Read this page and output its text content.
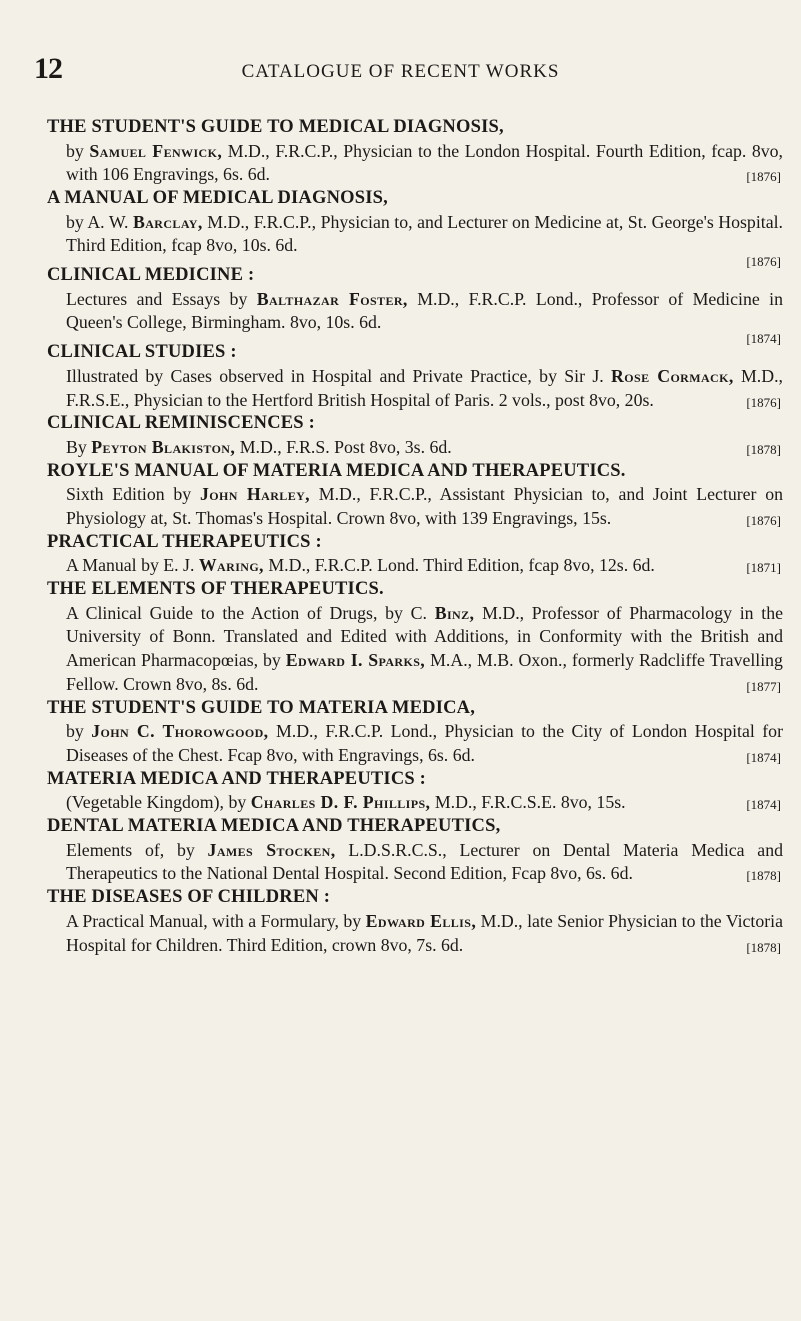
12	CATALOGUE OF RECENT WORKS
THE STUDENT'S GUIDE TO MEDICAL DIAGNOSIS,
by Samuel Fenwick, M.D., F.R.C.P., Physician to the London Hospital. Fourth Edition, fcap. 8vo, with 106 Engravings, 6s. 6d.	[1876]
A MANUAL OF MEDICAL DIAGNOSIS,
by A. W. Barclay, M.D., F.R.C.P., Physician to, and Lecturer on Medicine at, St. George's Hospital. Third Edition, fcap 8vo, 10s. 6d.
[1876]
CLINICAL MEDICINE :
Lectures and Essays by Balthazar Foster, M.D., F.R.C.P. Lond., Professor of Medicine in Queen's College, Birmingham. 8vo, 10s. 6d.
[1874]
CLINICAL STUDIES :
Illustrated by Cases observed in Hospital and Private Practice, by Sir J. Rose Cormack, M.D., F.R.S.E., Physician to the Hertford British Hospital of Paris. 2 vols., post 8vo, 20s.	[1876]
CLINICAL REMINISCENCES :
By Peyton Blakiston, M.D., F.R.S. Post 8vo, 3s. 6d.	[1878]
ROYLE'S MANUAL OF MATERIA MEDICA AND THERAPEUTICS.
Sixth Edition by John Harley, M.D., F.R.C.P., Assistant Physician to, and Joint Lecturer on Physiology at, St. Thomas's Hospital. Crown 8vo, with 139 Engravings, 15s.	[1876]
PRACTICAL THERAPEUTICS :
A Manual by E. J. Waring, M.D., F.R.C.P. Lond. Third Edition, fcap 8vo, 12s. 6d.	[1871]
THE ELEMENTS OF THERAPEUTICS.
A Clinical Guide to the Action of Drugs, by C. Binz, M.D., Professor of Pharmacology in the University of Bonn. Translated and Edited with Additions, in Conformity with the British and American Pharmacopœias, by Edward I. Sparks, M.A., M.B. Oxon., formerly Radcliffe Travelling Fellow. Crown 8vo, 8s. 6d.	[1877]
THE STUDENT'S GUIDE TO MATERIA MEDICA,
by John C. Thorowgood, M.D., F.R.C.P. Lond., Physician to the City of London Hospital for Diseases of the Chest. Fcap 8vo, with Engravings, 6s. 6d.	[1874]
MATERIA MEDICA AND THERAPEUTICS :
(Vegetable Kingdom), by Charles D. F. Phillips, M.D., F.R.C.S.E. 8vo, 15s.	[1874]
DENTAL MATERIA MEDICA AND THERAPEUTICS,
Elements of, by James Stocken, L.D.S.R.C.S., Lecturer on Dental Materia Medica and Therapeutics to the National Dental Hospital. Second Edition, Fcap 8vo, 6s. 6d.	[1878]
THE DISEASES OF CHILDREN :
A Practical Manual, with a Formulary, by Edward Ellis, M.D., late Senior Physician to the Victoria Hospital for Children. Third Edition, crown 8vo, 7s. 6d.	[1878]
